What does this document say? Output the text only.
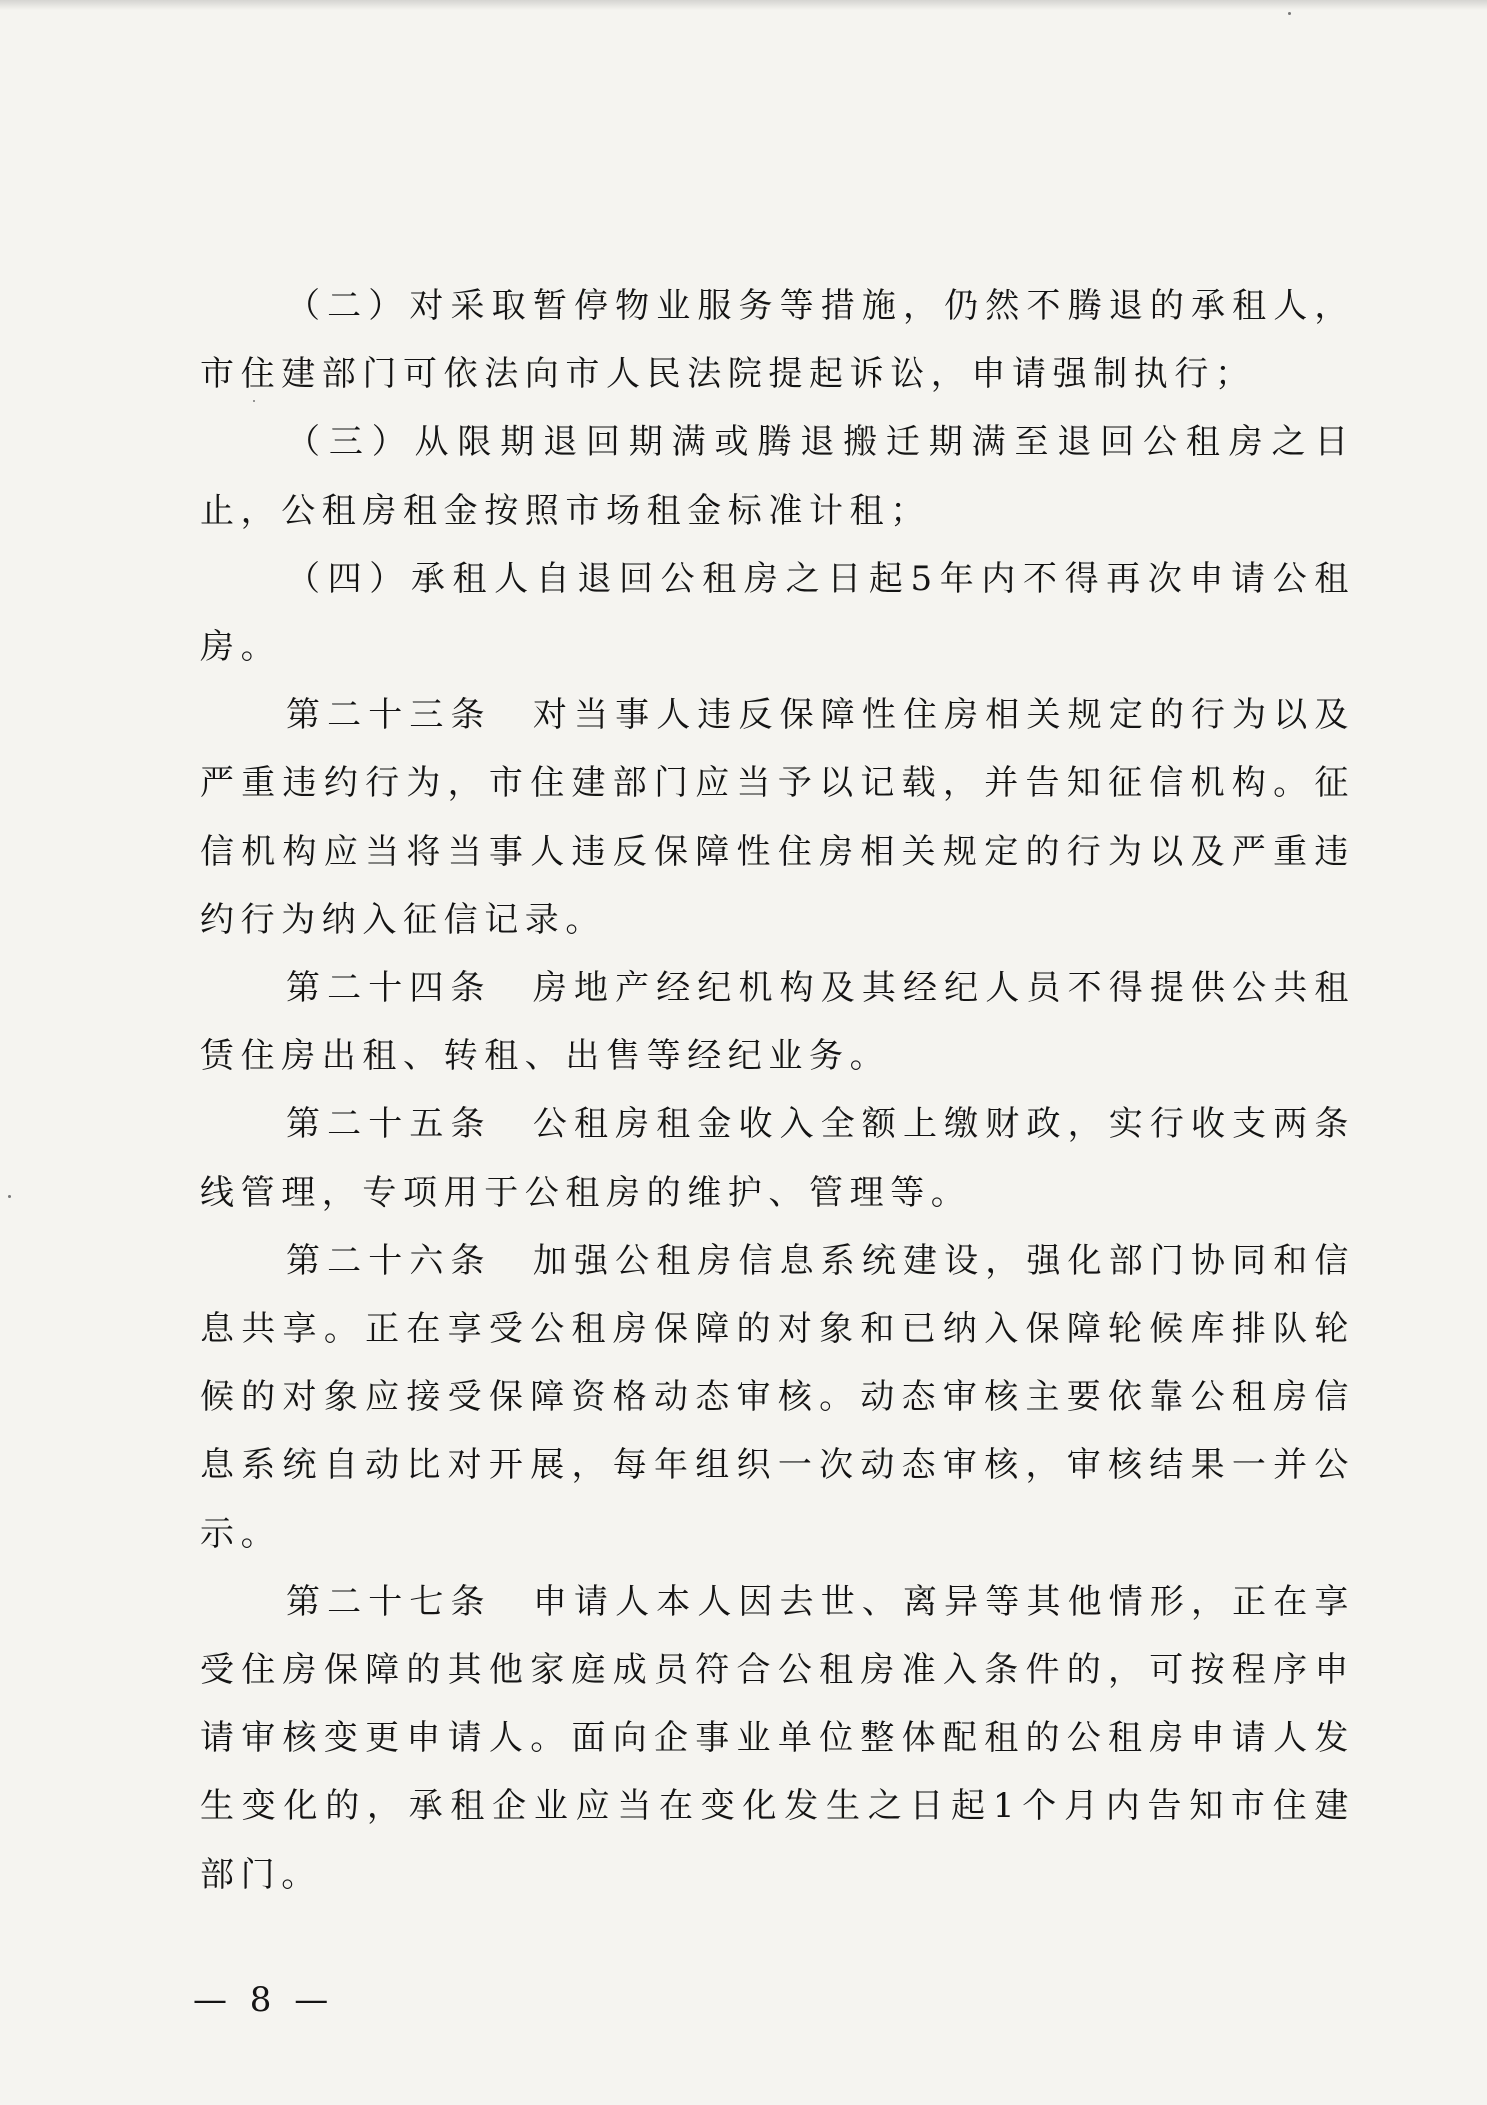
（二）对采取暂停物业服务等措施，仍然不腾退的承租人，市住建部门可依法向市人民法院提起诉讼，申请强制执行；

（三）从限期退回期满或腾退搬迁期满至退回公租房之日止，公租房租金按照市场租金标准计租；

（四）承租人自退回公租房之日起5年内不得再次申请公租房。

第二十三条　对当事人违反保障性住房相关规定的行为以及严重违约行为，市住建部门应当予以记载，并告知征信机构。征信机构应当将当事人违反保障性住房相关规定的行为以及严重违约行为纳入征信记录。

第二十四条　房地产经纪机构及其经纪人员不得提供公共租赁住房出租、转租、出售等经纪业务。

第二十五条　公租房租金收入全额上缴财政，实行收支两条线管理，专项用于公租房的维护、管理等。

第二十六条　加强公租房信息系统建设，强化部门协同和信息共享。正在享受公租房保障的对象和已纳入保障轮候库排队轮候的对象应接受保障资格动态审核。动态审核主要依靠公租房信息系统自动比对开展，每年组织一次动态审核，审核结果一并公示。

第二十七条　申请人本人因去世、离异等其他情形，正在享受住房保障的其他家庭成员符合公租房准入条件的，可按程序申请审核变更申请人。面向企事业单位整体配租的公租房申请人发生变化的，承租企业应当在变化发生之日起1个月内告知市住建部门。

— 8 —
